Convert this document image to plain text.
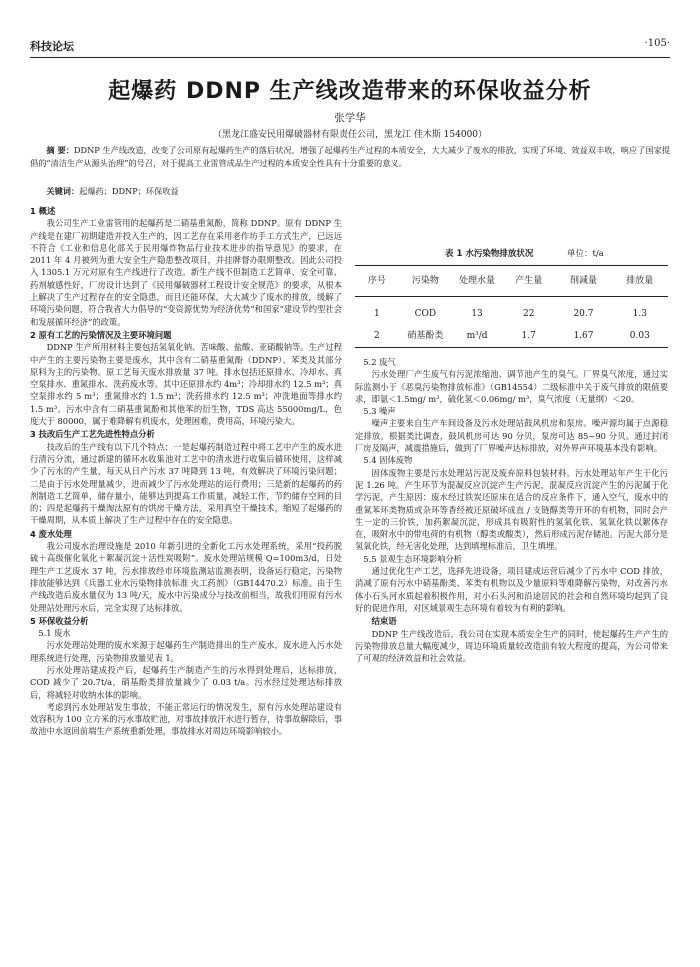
科技论坛	·105·
起爆药 DDNP 生产线改造带来的环保收益分析
张学华
（黑龙江盛安民用爆破器材有限责任公司，黑龙江 佳木斯 154000）
摘 要：DDNP 生产线改造，改变了公司原有起爆药生产的落后状况，增强了起爆药生产过程的本质安全，大大减少了废水的排放，实现了环境、效益双丰收，响应了国家提倡的“清洁生产从源头治理”的号召，对于提高工业雷管成品生产过程的本质安全性具有十分重要的意义。
关键词：起爆药；DDNP；环保收益
1 概述

我公司生产工业雷管用的起爆药是二硝基重氮酚，简称 DDNP。原有 DDNP 生产线是在建厂初期建造并投入生产的，因工艺存在采用老作坊手工方式生产，已远远不符合《工业和信息化部关于民用爆炸物品行业技术进步的指导意见》的要求，在 2011 年 4 月被列为重大安全生产隐患整改项目，并挂牌督办限期整改。因此公司投入 1305.1 万元对原有生产线进行了改造。新生产线不但制造工艺简单、安全可靠、药剂敏感性好，厂房设计达到了《民用爆破器材工程设计安全规范》的要求，从根本上解决了生产过程存在的安全隐患，而且还能环保，大大减少了废水的排放，缓解了环境污染问题，符合我省大力倡导的“变资源优势为经济优势”和国家“建设节约型社会和发展循环经济”的政策。

2 原有工艺的污染情况及主要环境问题

DDNP 生产所用材料主要包括氢氧化钠、苦味酸、盐酸、亚硝酸钠等。生产过程中产生的主要污染物主要是废水，其中含有二硝基重氮酚（DDNP）、苯类及其部分原料为主的污染物。原工艺每天废水排放量 37 吨。排水包括还原排水、冷却水、真空泵排水、重氮排水、洗药废水等。其中还原排水约 4m³；冷却排水约 12.5 m³；真空泵排水约 5 m³；重氮排水约 1.5 m³；洗药排水约 12.5 m³；冲洗地面等排水约 1.5 m³。污水中含有二硝基重氮酚和其他苯的衍生物，TDS 高达 55000mg/L，色度大于 80000，属于难降解有机废水，处理困难，费用高，环境污染大。

3 技改后生产工艺先进性特点分析

技改后的生产线有以下几个特点：一是起爆药制造过程中将工艺中产生的废水进行清污分流，通过新建的循环水收集池对工艺中的清水进行收集后循环使用，这样减少了污水的产生量，每天从日产污水 37 吨降到 13 吨，有效解决了环境污染问题；二是由于污水处理量减少，进而减少了污水处理站的运行费用；三是新的起爆药的药剂制造工艺简单，储存量小，能够达到提高工作质量，减轻工作，节约储存空间的目的；四是起爆药干燥淘汰原有的烘房干燥方法，采用真空干燥技术，缩短了起爆药的干燥周期，从本质上解决了生产过程中存在的安全隐患。

4 废水处理

我公司废水治理设施是 2010 年新引进的全新化工污水处理系统，采用“投药脱硫＋高级催化氧化＋絮凝沉淀＋活性炭吸附”。废水处理站规模 Q=100m3/d，日处理生产工艺废水 37 吨，污水排放经市环境监测站监测表明，设备运行稳定，污染物排放能够达到《兵器工业水污染物排放标准 火工药剂》（GB14470.2）标准。由于生产线改造后废水量仅为 13 吨/天，废水中污染成分与技改前相当，故我们用原有污水处理站处理污水后，完全实现了达标排放。

5 环保收益分析
5.1 废水

污水处理站处理的废水来源于起爆药生产制造排出的生产废水，废水进入污水处理系统进行处理，污染物排放量见表 1。

污水处理站建成投产后，起爆药生产制造产生的污水得到处理后，达标排放，COD 减少了 20.7t/a，硝基酚类排放量减少了 0.03 t/a。污水经过处理达标排放后，将减轻对收纳水体的影响。

考虑到污水处理站发生事故，不能正常运行的情况发生，原有污水处理站建设有效容积为 100 立方米的污水事故贮池，对事故排放汗水进行暂存，待事故解除后，事故池中水返回前端生产系统重新处理，事故排水对周边环境影响较小。

表 1 水污染物排放状况	单位：t/a
序号	污染物	处理水量	产生量	削减量	排放量
1	COD	13	22	20.7	1.3
2	硝基酚类	m³/d	1.7	1.67	0.03
5.2 废气

污水处理厂产生废气有污泥浓缩池、调节池产生的臭气。厂界臭气浓度，通过实际监测小于《恶臭污染物排放标准》（GB14554）二级标准中关于废气排放的限值要求，即氨＜1.5mg/ m³，硫化氢＜0.06mg/ m³，臭气浓度（无量纲）＜20。

5.3 噪声

噪声主要来自生产车间设备及污水处理站鼓风机房和泵房。噪声源均属于点源稳定排放。根据类比调查，鼓风机房可达 90 分贝，泵房可达 85~90 分贝。通过封闭厂房及隔声，减震措施后，做到了厂界噪声达标排放，对外界声环境基本没有影响。

5.4 固体废物

固体废物主要是污水处理站污泥及废弃原料包装材料。污水处理站年产生干化污泥 1.26 吨。产生环节为混凝反应沉淀产生产污泥，混凝反应沉淀产生的污泥属于化学污泥，产生原因：废水经过铁炭还原床在适合的反应条件下，通入空气，废水中的重氮苯环类物质或杂环等香经被还原破坏成直 / 支链醇类等开环的有机物，同时会产生一定的三价铁，加药絮凝沉淀，形成具有吸附性的氢氧化铁、氢氧化铁以絮体存在，吸附水中的带电荷的有机物（醇类或酸类），然后形成污泥存储池。污泥大部分是氢氧化铁，经无害化处理，达到填埋标准后，卫生填埋。

5.5 景观生态环境影响分析

通过优化生产工艺，选择先进设备，项目建成运营后减少了污水中 COD 排放，消减了原有污水中硝基酚类、苯类有机物以及少量原料等难降解污染物，对改善污水体小石头河水质起着积极作用，对小石头河和沿途居民的社会和自然环境均起到了良好的促进作用，对区域景观生态环境有着较为有利的影响。

结束语

DDNP 生产线改造后，我公司在实现本质安全生产的同时，使起爆药生产产生的污染物排放总量大幅度减少，周边环境质量较改造前有较大程度的提高，为公司带来了可观的经济效益和社会效益。
